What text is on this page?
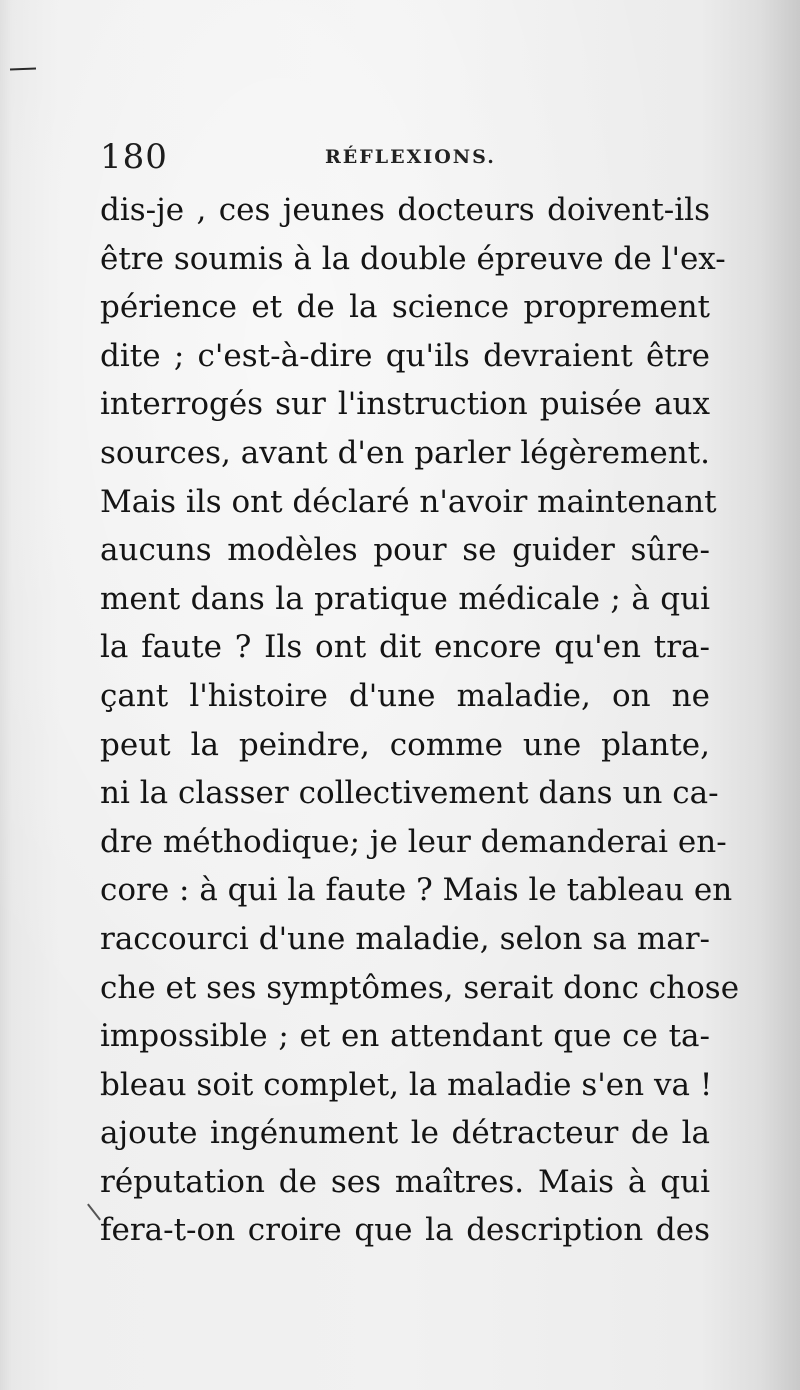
180	RÉFLEXIONS.
dis-je , ces jeunes docteurs doivent-ils
être soumis à la double épreuve de l'ex-
périence et de la science proprement
dite ; c'est-à-dire qu'ils devraient être
interrogés sur l'instruction puisée aux
sources, avant d'en parler légèrement.
Mais ils ont déclaré n'avoir maintenant
aucuns modèles pour se guider sûre-
ment dans la pratique médicale ; à qui
la faute ? Ils ont dit encore qu'en tra-
çant l'histoire d'une maladie, on ne
peut la peindre, comme une plante,
ni la classer collectivement dans un ca-
dre méthodique; je leur demanderai en-
core : à qui la faute ? Mais le tableau en
raccourci d'une maladie, selon sa mar-
che et ses symptômes, serait donc chose
impossible ; et en attendant que ce ta-
bleau soit complet, la maladie s'en va !
ajoute ingénument le détracteur de la
réputation de ses maîtres. Mais à qui
fera-t-on croire que la description des
